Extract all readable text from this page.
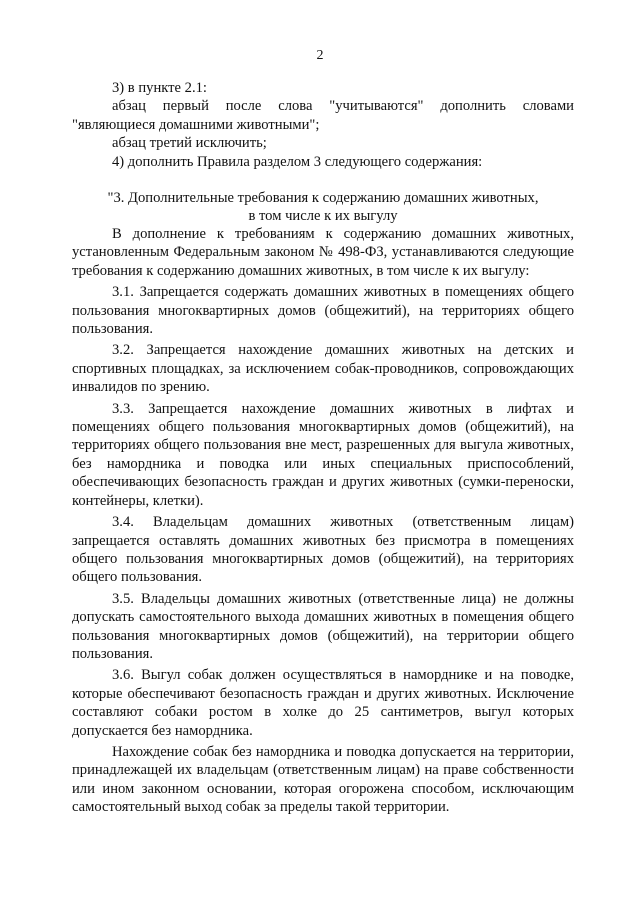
2

3) в пункте 2.1:

абзац первый после слова "учитываются" дополнить словами "являющиеся домашними животными";

абзац третий исключить;

4) дополнить Правила разделом 3 следующего содержания:

"3. Дополнительные требования к содержанию домашних животных,

в том числе к их выгулу

В дополнение к требованиям к содержанию домашних животных, установленным Федеральным законом № 498-ФЗ, устанавливаются следующие требования к содержанию домашних животных, в том числе к их выгулу:

3.1. Запрещается содержать домашних животных в помещениях общего пользования многоквартирных домов (общежитий), на территориях общего пользования.

3.2. Запрещается нахождение домашних животных на детских и спортивных площадках, за исключением собак-проводников, сопровождающих инвалидов по зрению.

3.3. Запрещается нахождение домашних животных в лифтах и помещениях общего пользования многоквартирных домов (общежитий), на территориях общего пользования вне мест, разрешенных для выгула животных, без намордника и поводка или иных специальных приспособлений, обеспечивающих безопасность граждан и других животных (сумки-переноски, контейнеры, клетки).

3.4. Владельцам домашних животных (ответственным лицам) запрещается оставлять домашних животных без присмотра в помещениях общего пользования многоквартирных домов (общежитий), на территориях общего пользования.

3.5. Владельцы домашних животных (ответственные лица) не должны допускать самостоятельного выхода домашних животных в помещения общего пользования многоквартирных домов (общежитий), на территории общего пользования.

3.6. Выгул собак должен осуществляться в наморднике и на поводке, которые обеспечивают безопасность граждан и других животных. Исключение составляют собаки ростом в холке до 25 сантиметров, выгул которых допускается без намордника.

Нахождение собак без намордника и поводка допускается на территории, принадлежащей их владельцам (ответственным лицам) на праве собственности или ином законном основании, которая огорожена способом, исключающим самостоятельный выход собак за пределы такой территории.
